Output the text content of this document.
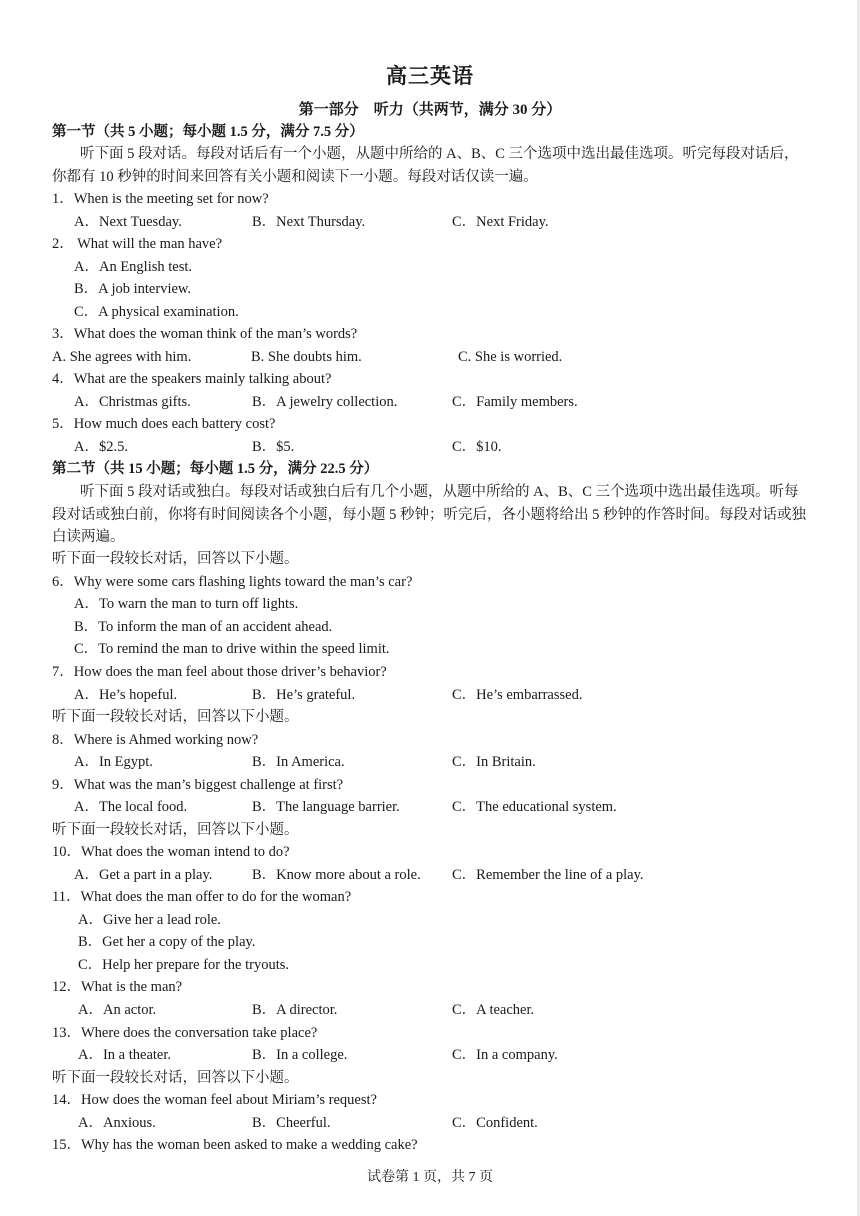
高三英语
第一部分　听力（共两节，满分 30 分）
第一节（共 5 小题；每小题 1.5 分，满分 7.5 分）
听下面 5 段对话。每段对话后有一个小题，从题中所给的 A、B、C 三个选项中选出最佳选项。听完每段对话后，你都有 10 秒钟的时间来回答有关小题和阅读下一小题。每段对话仅读一遍。
1．When is the meeting set for now?
A．Next Tuesday.	B．Next Thursday.	C．Next Friday.
2． What will the man have?
A．An English test.
B．A job interview.
C．A physical examination.
3．What does the woman think of the man’s words?
A. She agrees with him.	B. She doubts him.	C. She is worried.
4．What are the speakers mainly talking about?
A．Christmas gifts.	B．A jewelry collection.	C．Family members.
5．How much does each battery cost?
A．$2.5.	B．$5.	C．$10.
第二节（共 15 小题；每小题 1.5 分，满分 22.5 分）
听下面 5 段对话或独白。每段对话或独白后有几个小题，从题中所给的 A、B、C 三个选项中选出最佳选项。听每段对话或独白前，你将有时间阅读各个小题，每小题 5 秒钟；听完后，各小题将给出 5 秒钟的作答时间。每段对话或独白读两遍。
听下面一段较长对话，回答以下小题。
6．Why were some cars flashing lights toward the man’s car?
A．To warn the man to turn off lights.
B．To inform the man of an accident ahead.
C．To remind the man to drive within the speed limit.
7．How does the man feel about those driver’s behavior?
A．He’s hopeful.	B．He’s grateful.	C．He’s embarrassed.
听下面一段较长对话，回答以下小题。
8．Where is Ahmed working now?
A．In Egypt.	B．In America.	C．In Britain.
9．What was the man’s biggest challenge at first?
A．The local food.	B．The language barrier.	C．The educational system.
听下面一段较长对话，回答以下小题。
10．What does the woman intend to do?
A．Get a part in a play.	B．Know more about a role. C．Remember the line of a play.
11．What does the man offer to do for the woman?
A．Give her a lead role.
B．Get her a copy of the play.
C．Help her prepare for the tryouts.
12．What is the man?
A．An actor.	B．A director.	C．A teacher.
13．Where does the conversation take place?
A．In a theater.	B．In a college.	C．In a company.
听下面一段较长对话，回答以下小题。
14．How does the woman feel about Miriam’s request?
A．Anxious.	B．Cheerful.	C．Confident.
15．Why has the woman been asked to make a wedding cake?
试卷第 1 页，共 7 页
